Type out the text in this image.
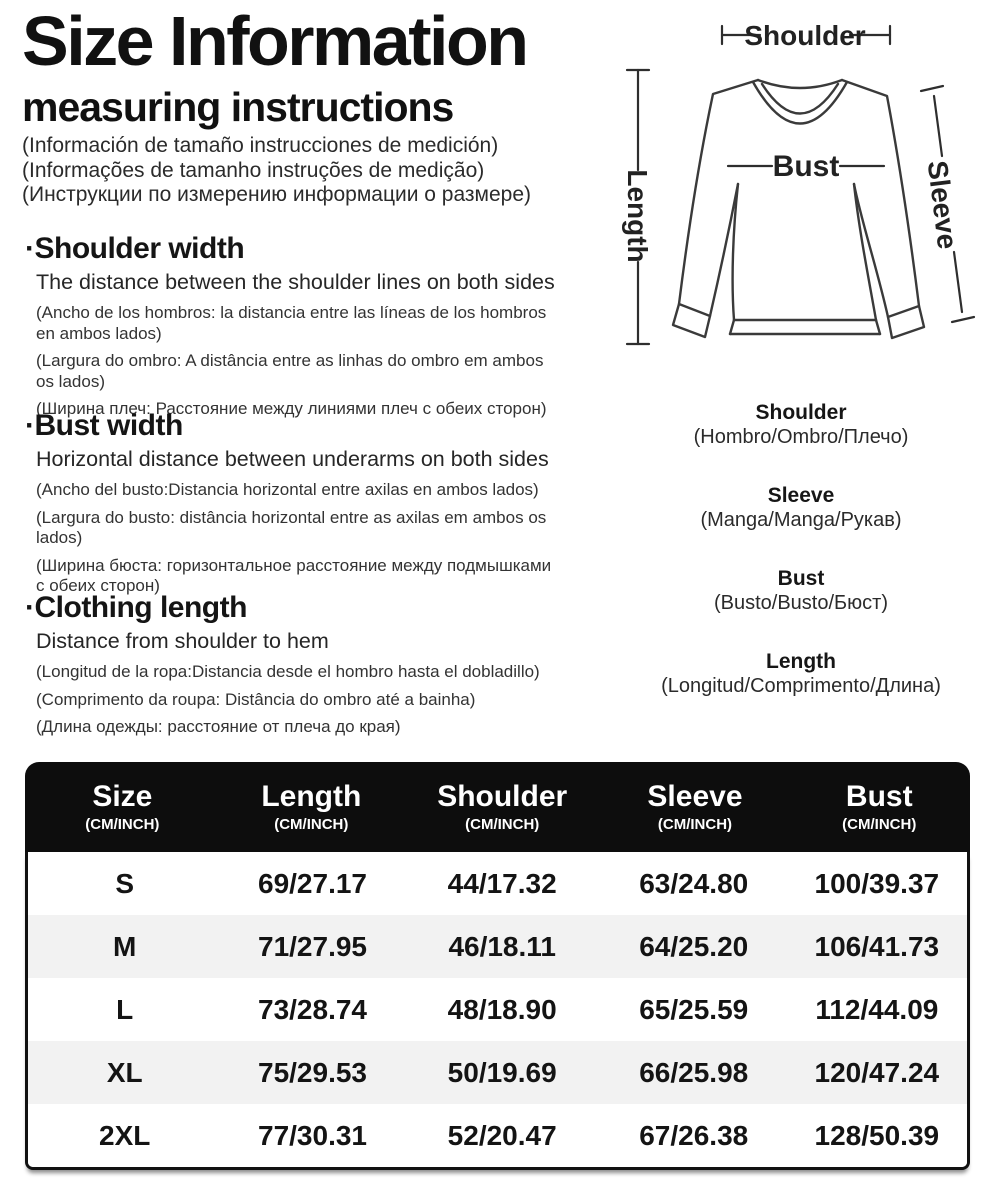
Size Information
measuring instructions

(Información de tamaño instrucciones de medición)

(Informações de tamanho instruções de medição)

(Инструкции по измерению информации о размере)

·Shoulder width
The distance between the shoulder lines on both sides

(Ancho de los hombros: la distancia entre las líneas de los hombros en ambos lados)

(Largura do ombro: A distância entre as linhas do ombro em ambos os lados)

(Ширина плеч: Расстояние между линиями плеч с обеих сторон)

·Bust width
Horizontal distance between underarms on both sides

(Ancho del busto:Distancia horizontal entre axilas en ambos lados)

(Largura do busto: distância horizontal entre as axilas em ambos os lados)

(Ширина бюста: горизонтальное расстояние между подмышками с обеих сторон)

·Clothing length
Distance from shoulder to hem

(Longitud de la ropa:Distancia desde el hombro hasta el dobladillo)

(Comprimento da roupa: Distância do ombro até a bainha)

(Длина одежды: расстояние от плеча до края)

Shoulder
Length
Bust	Sleeve
Shoulder
(Hombro/Ombro/Плечо)
Sleeve
(Manga/Manga/Рукав)
Bust
(Busto/Busto/Бюст)
Length
(Longitud/Comprimento/Длина)
Size
(CM/INCH)
Length
(CM/INCH)
Shoulder
(CM/INCH)
Sleeve
(CM/INCH)
Bust
(CM/INCH)
S	69/27.17	44/17.32	63/24.80	100/39.37
M	71/27.95	46/18.11	64/25.20	106/41.73
L	73/28.74	48/18.90	65/25.59	112/44.09
XL	75/29.53	50/19.69	66/25.98	120/47.24
2XL	77/30.31	52/20.47	67/26.38	128/50.39
